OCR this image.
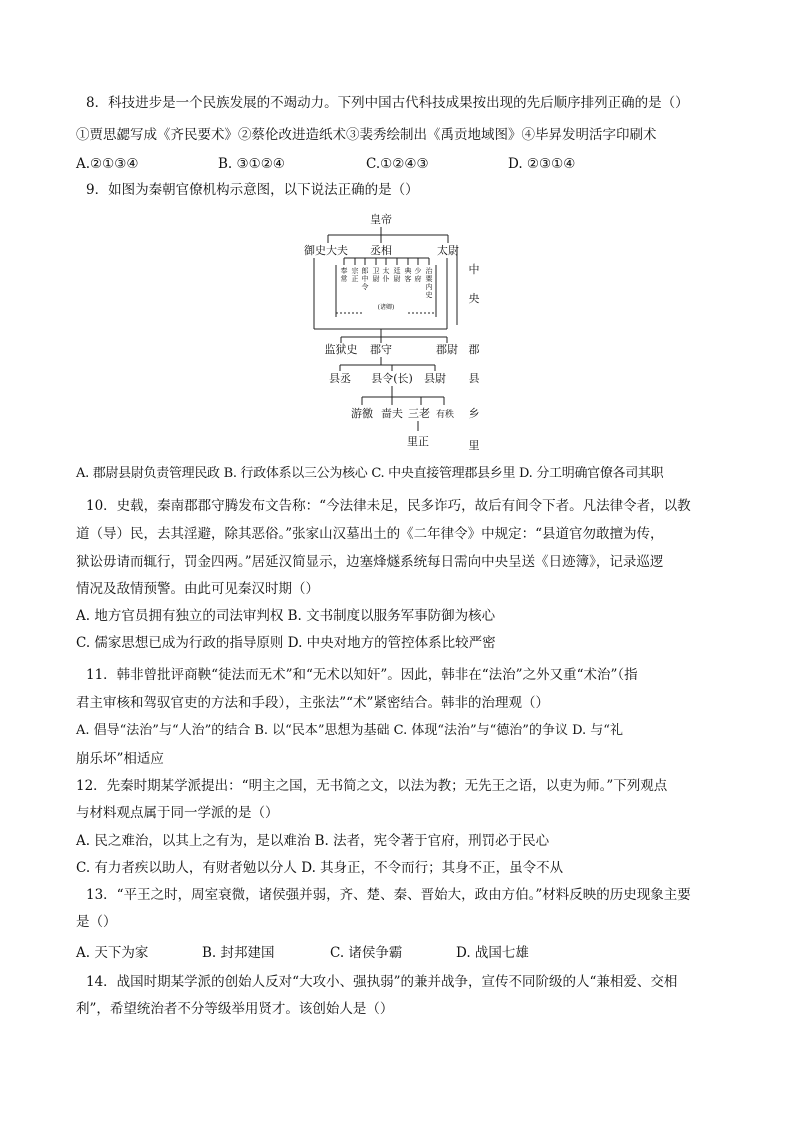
8．科技进步是一个民族发展的不竭动力。下列中国古代科技成果按出现的先后顺序排列正确的是（）
①贾思勰写成《齐民要术》②蔡伦改进造纸术③裴秀绘制出《禹贡地域图》④毕昇发明活字印刷术
A.②①③④	B. ③①②④	C.①②④③	D. ②③①④
9．如图为秦朝官僚机构示意图，以下说法正确的是（）
皇帝
御史大夫 丞相	太尉
监狱史 郡守	郡尉
县丞 县令(长) 县尉
游徼 啬夫 三老 有秩
里正
(诸卿)
中
央
郡
县
乡
里
奉常
宗正
郎中令
卫尉
太仆
廷尉
典客
少府
治粟内史
A. 郡尉县尉负责管理民政 B. 行政体系以三公为核心 C. 中央直接管理郡县乡里 D. 分工明确官僚各司其职
10．史载，秦南郡郡守腾发布文告称：“今法律未足，民多诈巧，故后有间令下者。凡法律令者，以教
道（导）民，去其淫避，除其恶俗。”张家山汉墓出土的《二年律令》中规定：“县道官勿敢擅为传，
狱讼毋请而辄行，罚金四两。”居延汉简显示，边塞烽燧系统每日需向中央呈送《日迹簿》，记录巡逻
情况及敌情预警。由此可见秦汉时期（）
A. 地方官员拥有独立的司法审判权 B. 文书制度以服务军事防御为核心
C. 儒家思想已成为行政的指导原则 D. 中央对地方的管控体系比较严密
11．韩非曾批评商鞅“徒法而无术”和“无术以知奸”。因此，韩非在“法治”之外又重“术治”（指
君主审核和驾驭官吏的方法和手段），主张法”“术”紧密结合。韩非的治理观（）
A. 倡导“法治”与“人治”的结合 B. 以“民本”思想为基础 C. 体现“法治”与“德治”的争议 D. 与“礼
崩乐坏”相适应
12．先秦时期某学派提出：“明主之国，无书简之文，以法为教；无先王之语，以吏为师。”下列观点
与材料观点属于同一学派的是（）
A. 民之难治，以其上之有为，是以难治 B. 法者，宪令著于官府，刑罚必于民心
C. 有力者疾以助人，有财者勉以分人 D. 其身正，不令而行；其身不正，虽令不从
13．“平王之时，周室衰微，诸侯强并弱，齐、楚、秦、晋始大，政由方伯。”材料反映的历史现象主要
是（）
A. 天下为家	B. 封邦建国	C. 诸侯争霸	D. 战国七雄
14．战国时期某学派的创始人反对“大攻小、强执弱”的兼并战争，宣传不同阶级的人“兼相爱、交相
利”，希望统治者不分等级举用贤才。该创始人是（）
